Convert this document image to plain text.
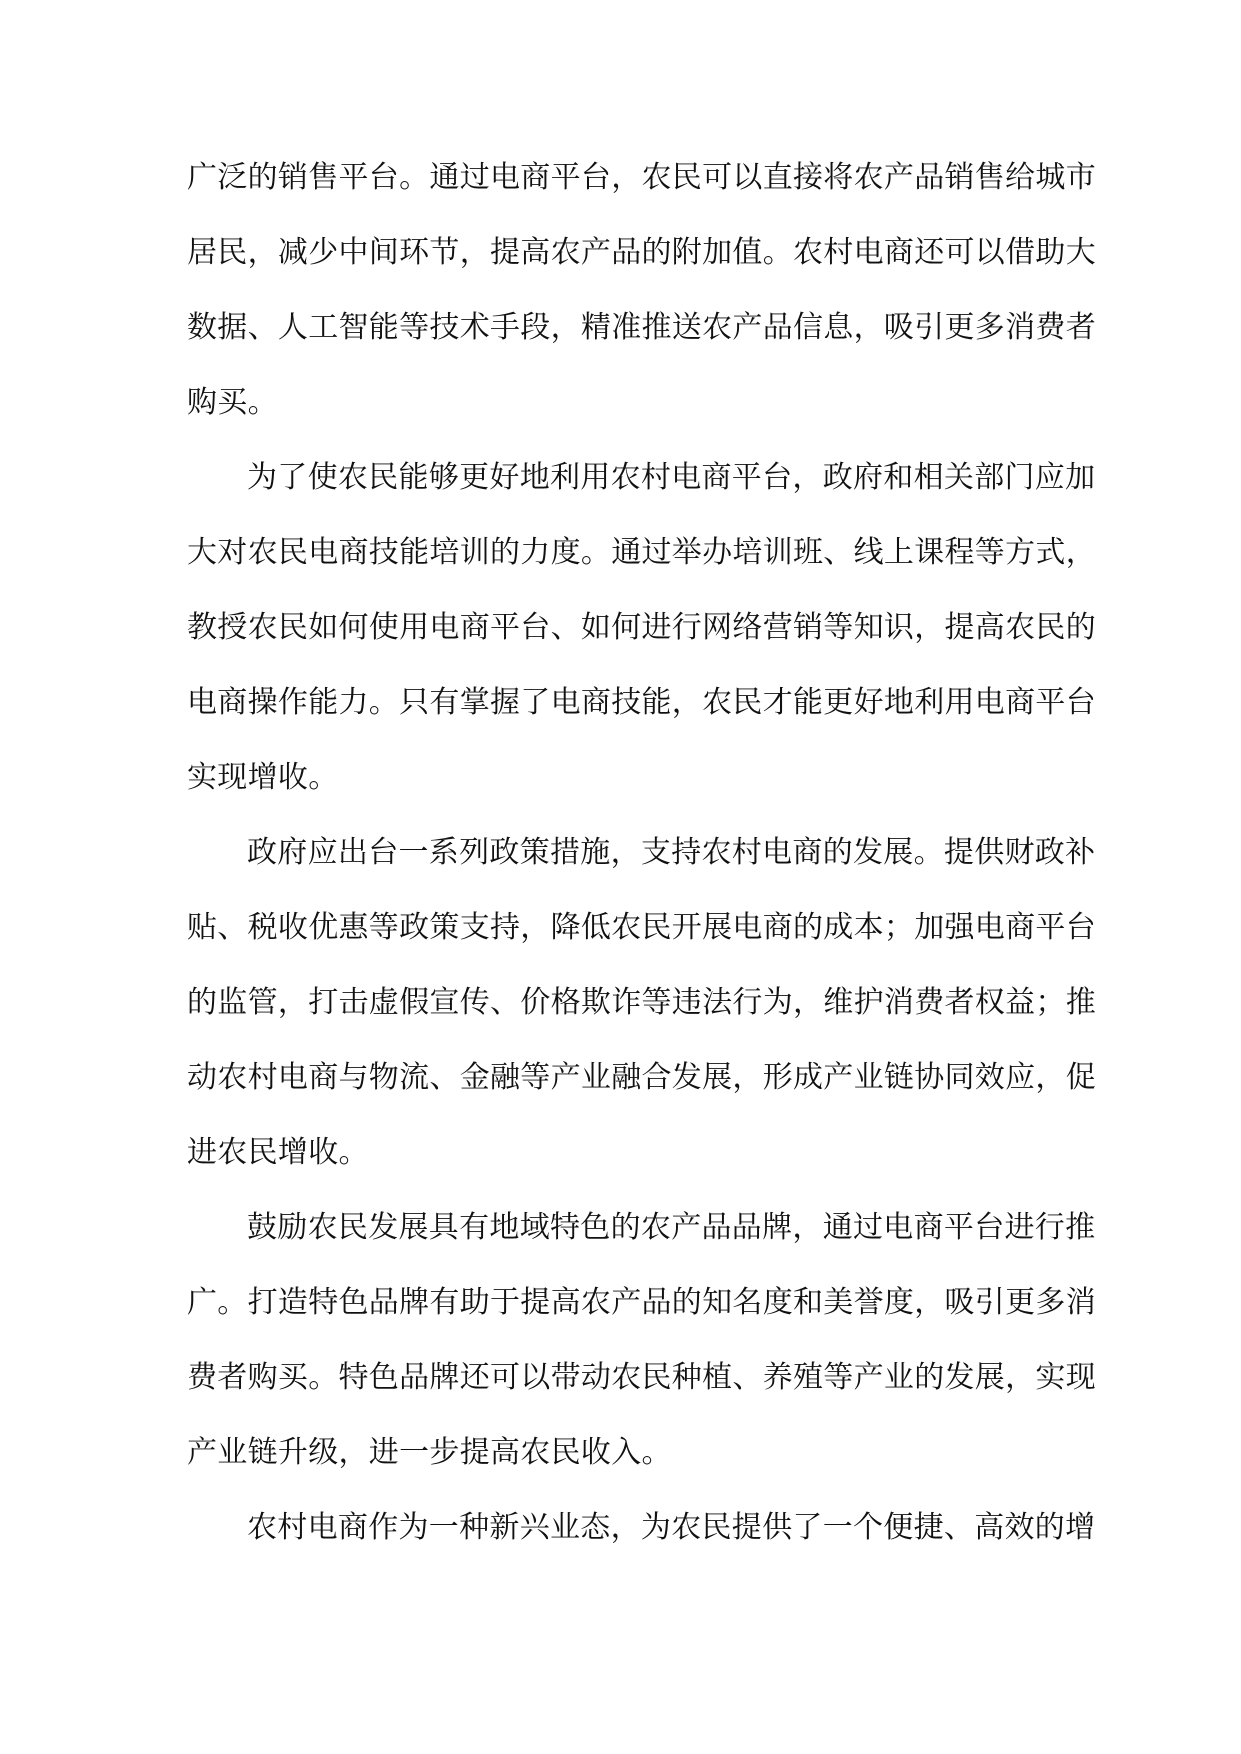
广泛的销售平台。通过电商平台，农民可以直接将农产品销售给城市
居民，减少中间环节，提高农产品的附加值。农村电商还可以借助大
数据、人工智能等技术手段，精准推送农产品信息，吸引更多消费者
购买。
为了使农民能够更好地利用农村电商平台，政府和相关部门应加
大对农民电商技能培训的力度。通过举办培训班、线上课程等方式，
教授农民如何使用电商平台、如何进行网络营销等知识，提高农民的
电商操作能力。只有掌握了电商技能，农民才能更好地利用电商平台
实现增收。
政府应出台一系列政策措施，支持农村电商的发展。提供财政补
贴、税收优惠等政策支持，降低农民开展电商的成本；加强电商平台
的监管，打击虚假宣传、价格欺诈等违法行为，维护消费者权益；推
动农村电商与物流、金融等产业融合发展，形成产业链协同效应，促
进农民增收。
鼓励农民发展具有地域特色的农产品品牌，通过电商平台进行推
广。打造特色品牌有助于提高农产品的知名度和美誉度，吸引更多消
费者购买。特色品牌还可以带动农民种植、养殖等产业的发展，实现
产业链升级，进一步提高农民收入。
农村电商作为一种新兴业态，为农民提供了一个便捷、高效的增
